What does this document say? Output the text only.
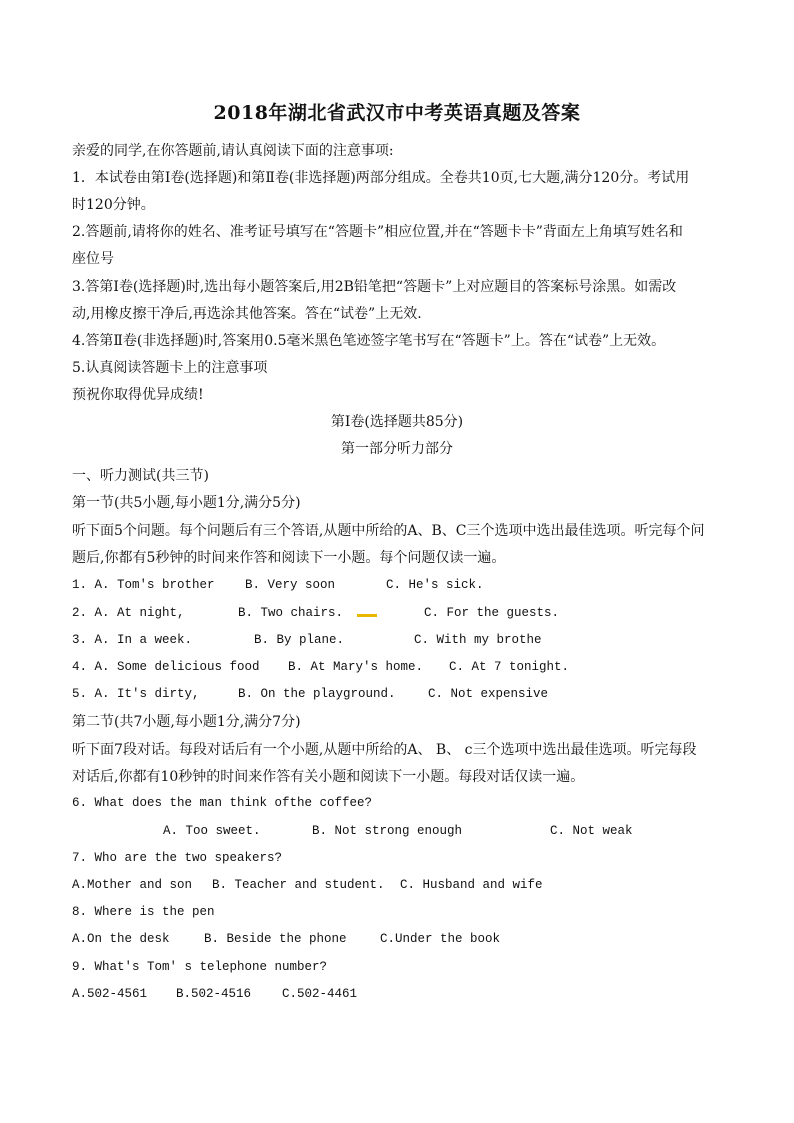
2018年湖北省武汉市中考英语真题及答案
亲爱的同学,在你答题前,请认真阅读下面的注意事项:
1．本试卷由第Ⅰ卷(选择题)和第Ⅱ卷(非选择题)两部分组成。全卷共10页,七大题,满分120分。考试用
时120分钟。
2.答题前,请将你的姓名、准考证号填写在“答题卡”相应位置,并在“答题卡卡”背面左上角填写姓名和
座位号
3.答第Ⅰ卷(选择题)时,选出每小题答案后,用2B铅笔把“答题卡”上对应题目的答案标号涂黑。如需改
动,用橡皮擦干净后,再选涂其他答案。答在“试卷”上无效.
4.答第Ⅱ卷(非选择题)时,答案用0.5毫米黑色笔迹签字笔书写在“答题卡”上。答在“试卷”上无效。
5.认真阅读答题卡上的注意事项
预祝你取得优异成绩!
第Ⅰ卷(选择题共85分)
第一部分听力部分
一、听力测试(共三节)
第一节(共5小题,每小题1分,满分5分)
听下面5个问题。每个问题后有三个答语,从题中所给的A、B、C三个选项中选出最佳选项。听完每个问
题后,你都有5秒钟的时间来作答和阅读下一小题。每个问题仅读一遍。
1. A. Tom's brother B. Very soon	C. He's sick.
2. A. At night,	B. Two chairs.	C. For the guests.
3. A. In a week.	B. By plane.	C. With my brothe
4. A. Some delicious food B. At Mary's home. C. At 7 tonight.
5. A. It's dirty,	B. On the playground.	C. Not expensive
第二节(共7小题,每小题1分,满分7分)
听下面7段对话。每段对话后有一个小题,从题中所给的A、 B、 c三个选项中选出最佳选项。听完每段
对话后,你都有10秒钟的时间来作答有关小题和阅读下一小题。每段对话仅读一遍。
6. What does the man think ofthe coffee?
A. Too sweet.	B. Not strong enough	C. Not weak
7. Who are the two speakers?
A.Mother and son B. Teacher and student. C. Husband and wife
8. Where is the pen
A.On the desk	B. Beside the phone	C.Under the book
9. What's Tom' s telephone number?
A.502-4561 B.502-4516 C.502-4461
